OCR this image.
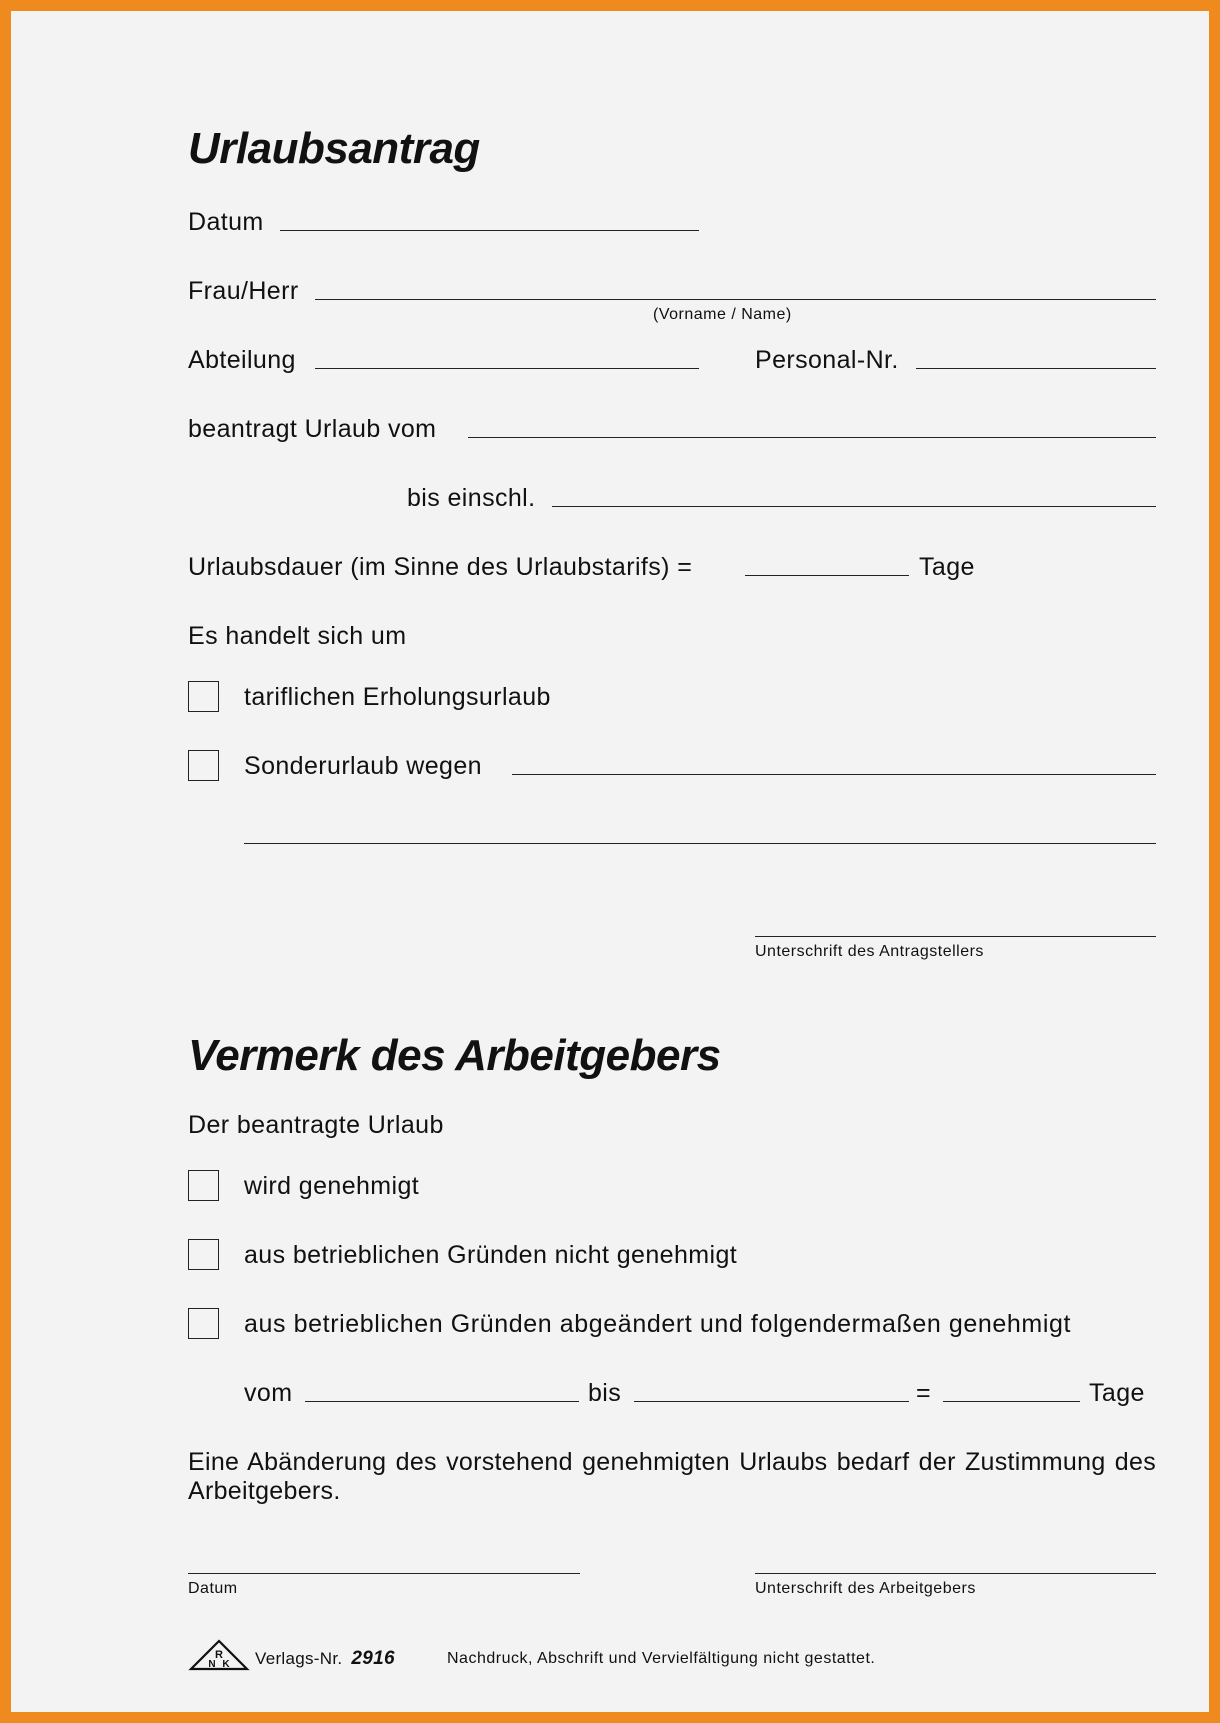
Urlaubsantrag
Datum
Frau/Herr
(Vorname / Name)
Abteilung	Personal-Nr.
beantragt Urlaub vom
bis einschl.
Urlaubsdauer (im Sinne des Urlaubstarifs) =	Tage
Es handelt sich um
tariflichen Erholungsurlaub
Sonderurlaub wegen
Unterschrift des Antragstellers
Vermerk des Arbeitgebers
Der beantragte Urlaub
wird genehmigt
aus betrieblichen Gründen nicht genehmigt
aus betrieblichen Gründen abgeändert und folgendermaßen genehmigt
vom	bis	=	Tage
Eine Abänderung des vorstehend genehmigten Urlaubs bedarf der Zustimmung des Arbeitgebers.
Datum	Unterschrift des Arbeitgebers
R
N K Verlags-Nr. 2916	Nachdruck, Abschrift und Vervielfältigung nicht gestattet.
